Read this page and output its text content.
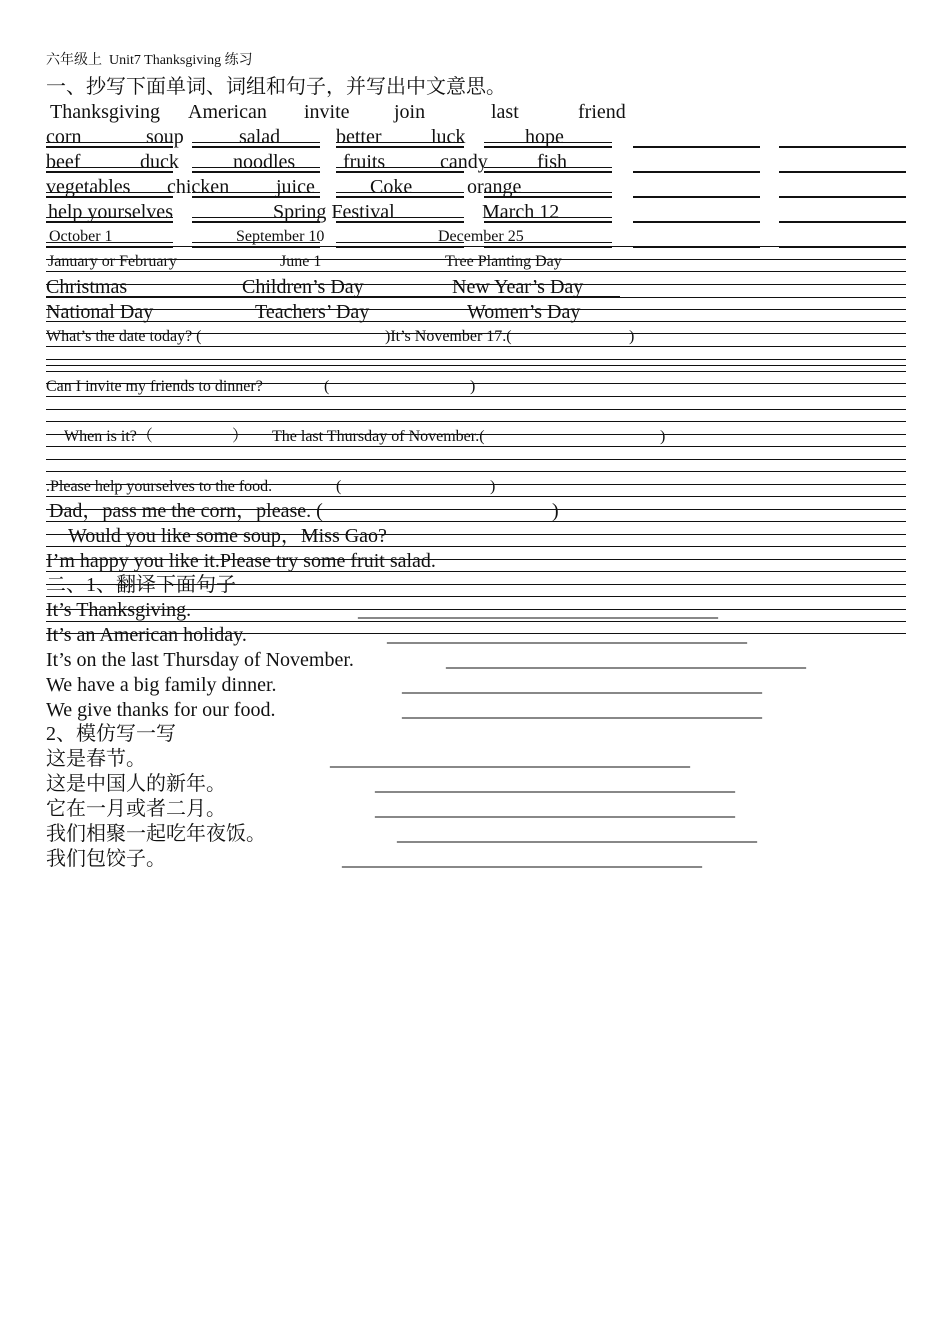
六年级上  Unit7 Thanksgiving 练习
一、抄写下面单词、词组和句子，并写出中文意思。
Thanksgiving American invite join	last	friend
corn	soup	salad	better luck	hope
beef	duck	noodles fruits	candy fish
vegetables chicken juice	Coke	orange
help yourselves	Spring Festival	March 12
October 1	September 10	December 25
January or February	June 1	Tree Planting Day
Christmas	Children’s Day	New Year’s Day
National Day	Teachers’ Day	Women’s Day
What’s the date today? (	)It’s November 17.(	)
Can I invite my friends to dinner?	(	)
When is it?（	） The last Thursday of November.(	)
.Please help yourselves to the food.	(	)
Dad，pass me the corn，please. (	)
Would you like some soup，Miss Gao?
I’m happy you like it.Please try some fruit salad.
二、1、翻译下面句子
It’s Thanksgiving.
It’s an American holiday.
It’s on the last Thursday of November.
We have a big family dinner.
We give thanks for our food.
____________________________________
____________________________________
____________________________________
____________________________________
____________________________________
2、模仿写一写
这是春节。
这是中国人的新年。
它在一月或者二月。
我们相聚一起吃年夜饭。
我们包饺子。
____________________________________
____________________________________
____________________________________
____________________________________
____________________________________
